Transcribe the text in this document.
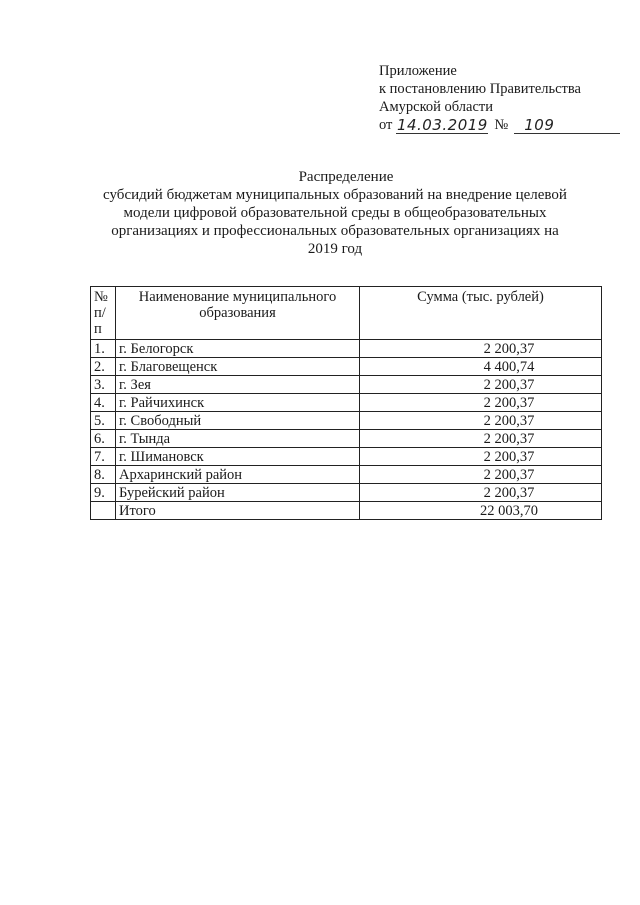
Приложение
к постановлению Правительства
Амурской области
от 14.03.2019 №	109
Распределение
субсидий бюджетам муниципальных образований на внедрение целевой модели цифровой образовательной среды в общеобразовательных организациях и профессиональных образовательных организациях на 2019 год
№ п/п	Наименование муниципального образования	Сумма (тыс. рублей)
1.	г. Белогорск	2 200,37
2.	г. Благовещенск	4 400,74
3.	г. Зея	2 200,37
4.	г. Райчихинск	2 200,37
5.	г. Свободный	2 200,37
6.	г. Тында	2 200,37
7.	г. Шимановск	2 200,37
8.	Архаринский район	2 200,37
9.	Бурейский район	2 200,37
	Итого	22 003,70
